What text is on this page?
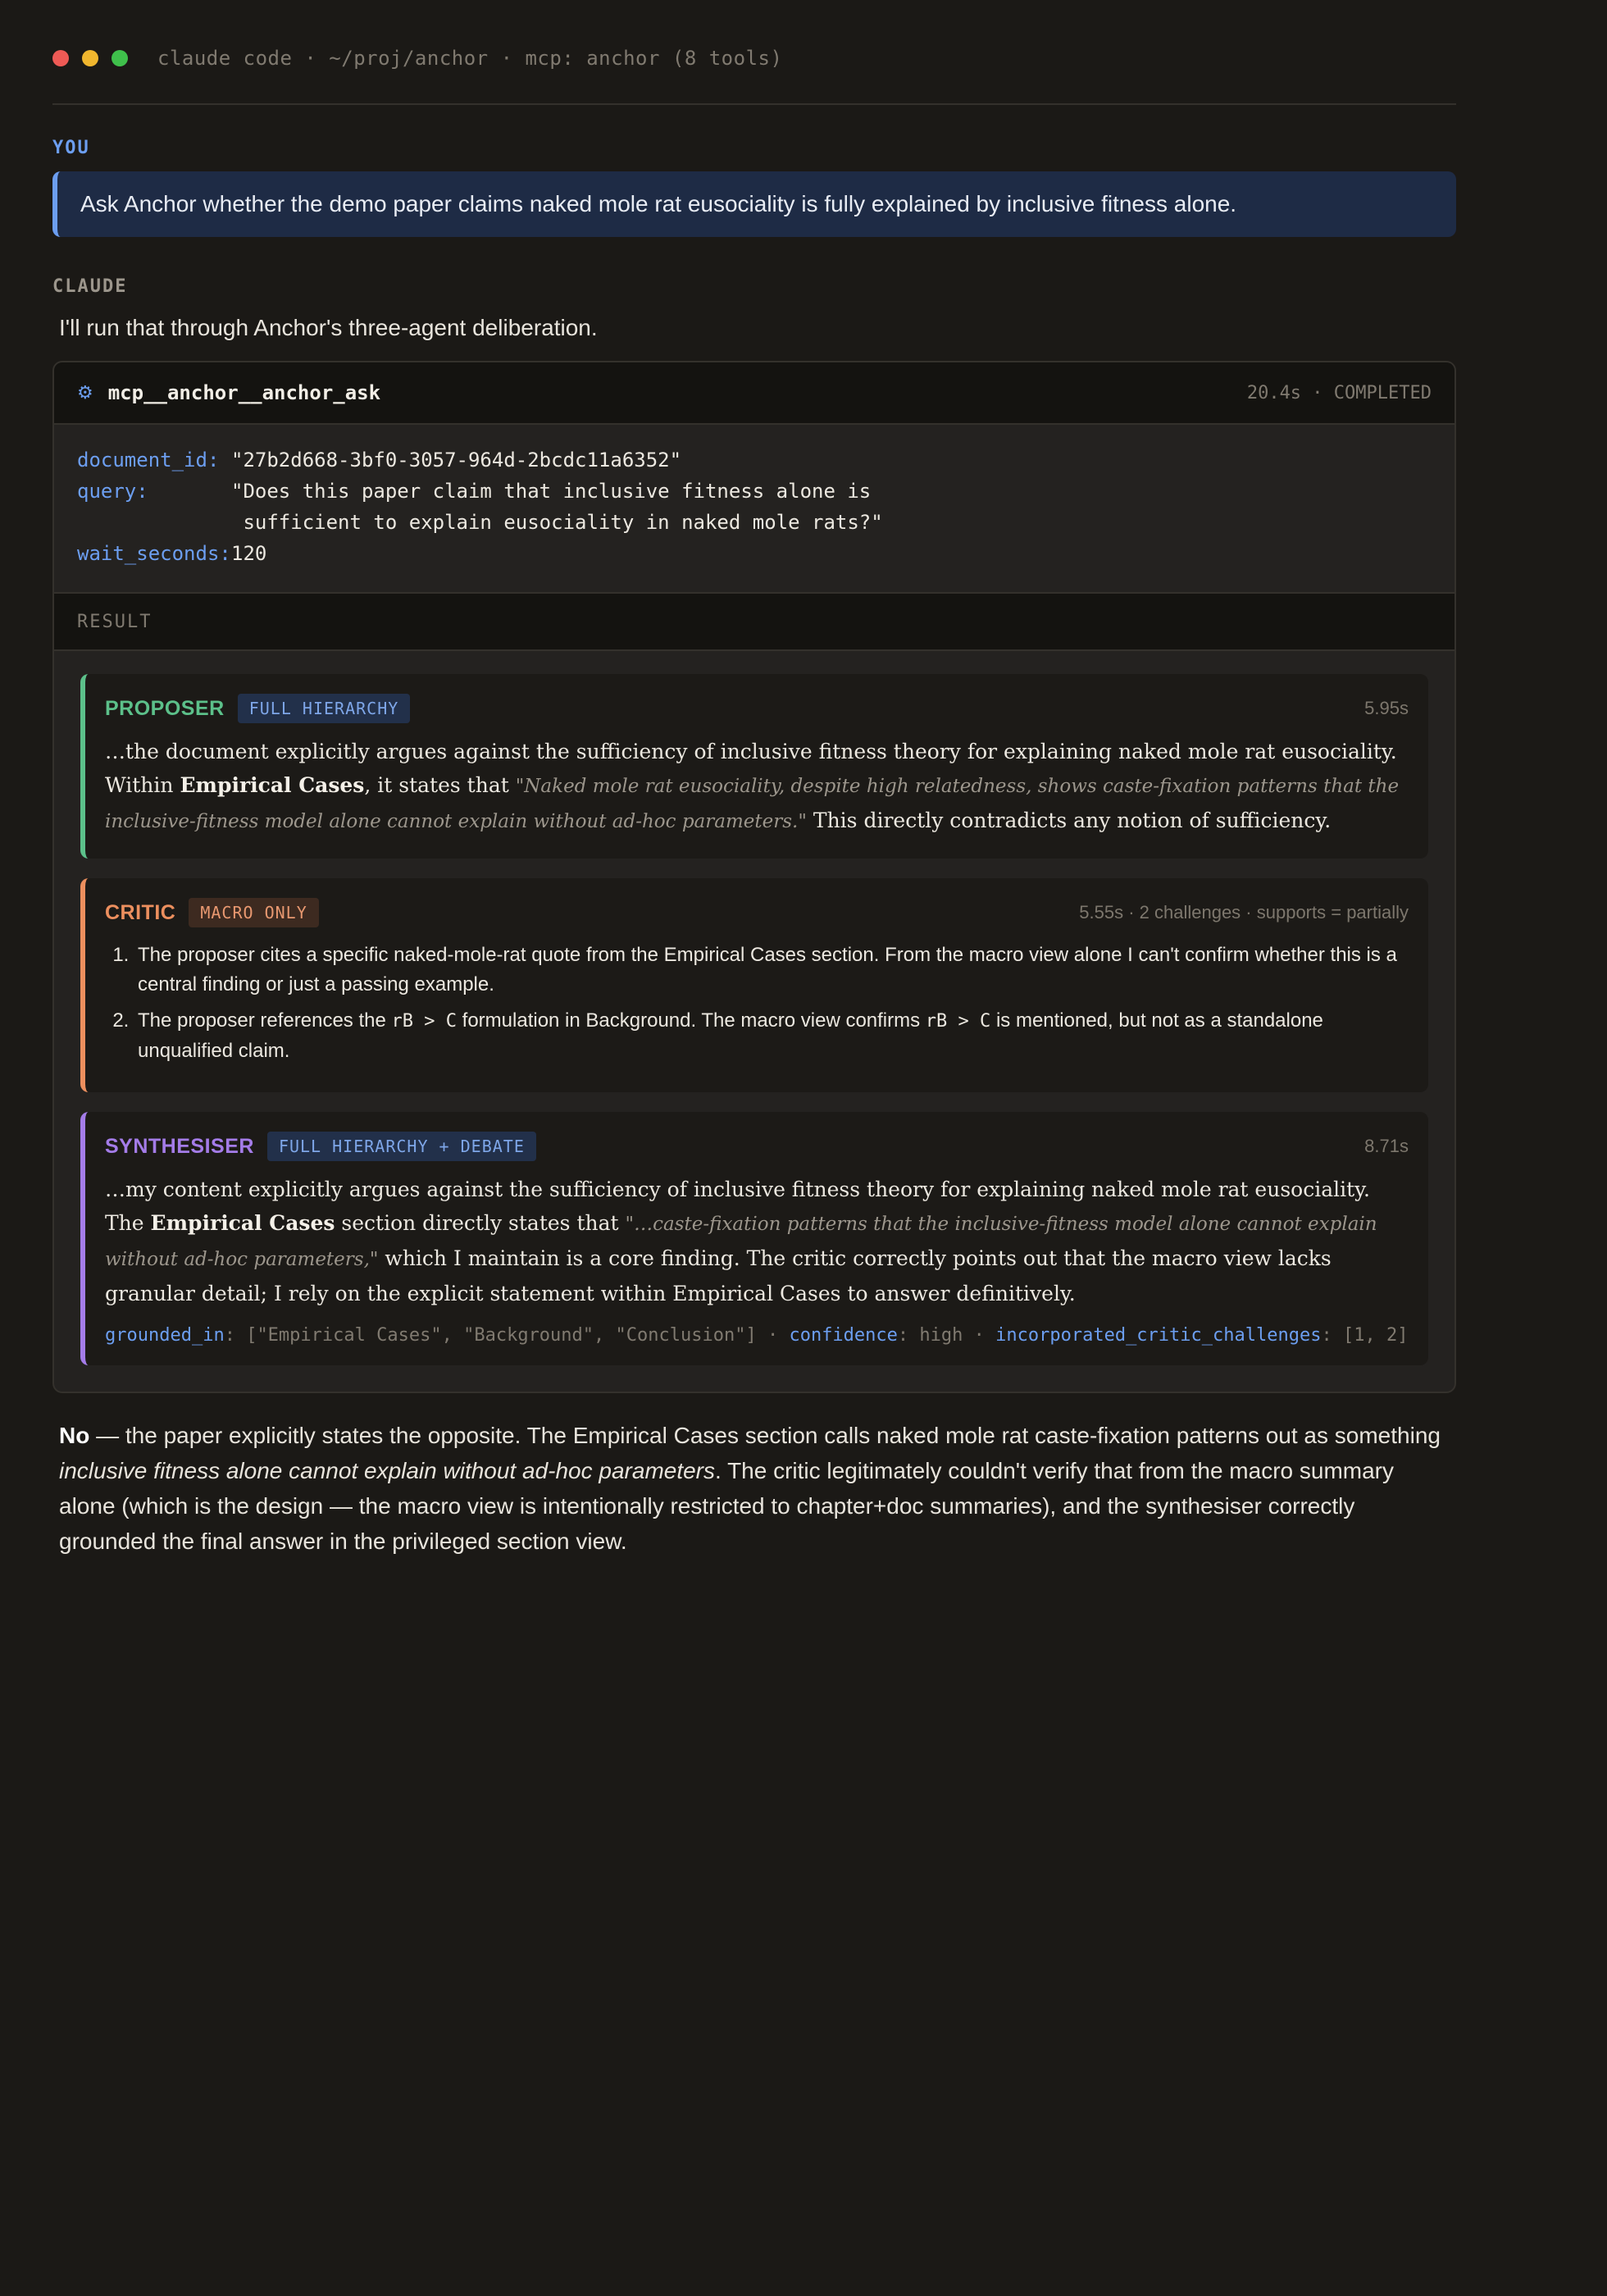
claude code · ~/proj/anchor · mcp: anchor (8 tools)
YOU
Ask Anchor whether the demo paper claims naked mole rat eusociality is fully explained by inclusive fitness alone.
CLAUDE
I'll run that through Anchor's three-agent deliberation.
⚙ mcp__anchor__anchor_ask	20.4s · COMPLETED
document_id: "27b2d668-3bf0-3057-964d-2bcdc11a6352"
query:	"Does this paper claim that inclusive fitness alone is
sufficient to explain eusociality in naked mole rats?"
wait_seconds: 120
RESULT
PROPOSER	FULL HIERARCHY	5.95s
…the document explicitly argues against the sufficiency of inclusive fitness theory for explaining naked mole rat eusociality. Within Empirical Cases, it states that "Naked mole rat eusociality, despite high relatedness, shows caste-fixation patterns that the inclusive-fitness model alone cannot explain without ad-hoc parameters." This directly contradicts any notion of sufficiency.
CRITIC	MACRO ONLY	5.55s · 2 challenges · supports = partially
1. The proposer cites a specific naked-mole-rat quote from the Empirical Cases section. From the macro view alone I can't confirm whether this is a central finding or just a passing example.
2. The proposer references the rB > C formulation in Background. The macro view confirms rB > C is mentioned, but not as a standalone unqualified claim.
SYNTHESISER	FULL HIERARCHY + DEBATE	8.71s
…my content explicitly argues against the sufficiency of inclusive fitness theory for explaining naked mole rat eusociality. The Empirical Cases section directly states that "…caste-fixation patterns that the inclusive-fitness model alone cannot explain without ad-hoc parameters," which I maintain is a core finding. The critic correctly points out that the macro view lacks granular detail; I rely on the explicit statement within Empirical Cases to answer definitively.
grounded_in: ["Empirical Cases", "Background", "Conclusion"] · confidence: high · incorporated_critic_challenges: [1, 2]
No — the paper explicitly states the opposite. The Empirical Cases section calls naked mole rat caste-fixation patterns out as something inclusive fitness alone cannot explain without ad-hoc parameters. The critic legitimately couldn't verify that from the macro summary alone (which is the design — the macro view is intentionally restricted to chapter+doc summaries), and the synthesiser correctly grounded the final answer in the privileged section view.
